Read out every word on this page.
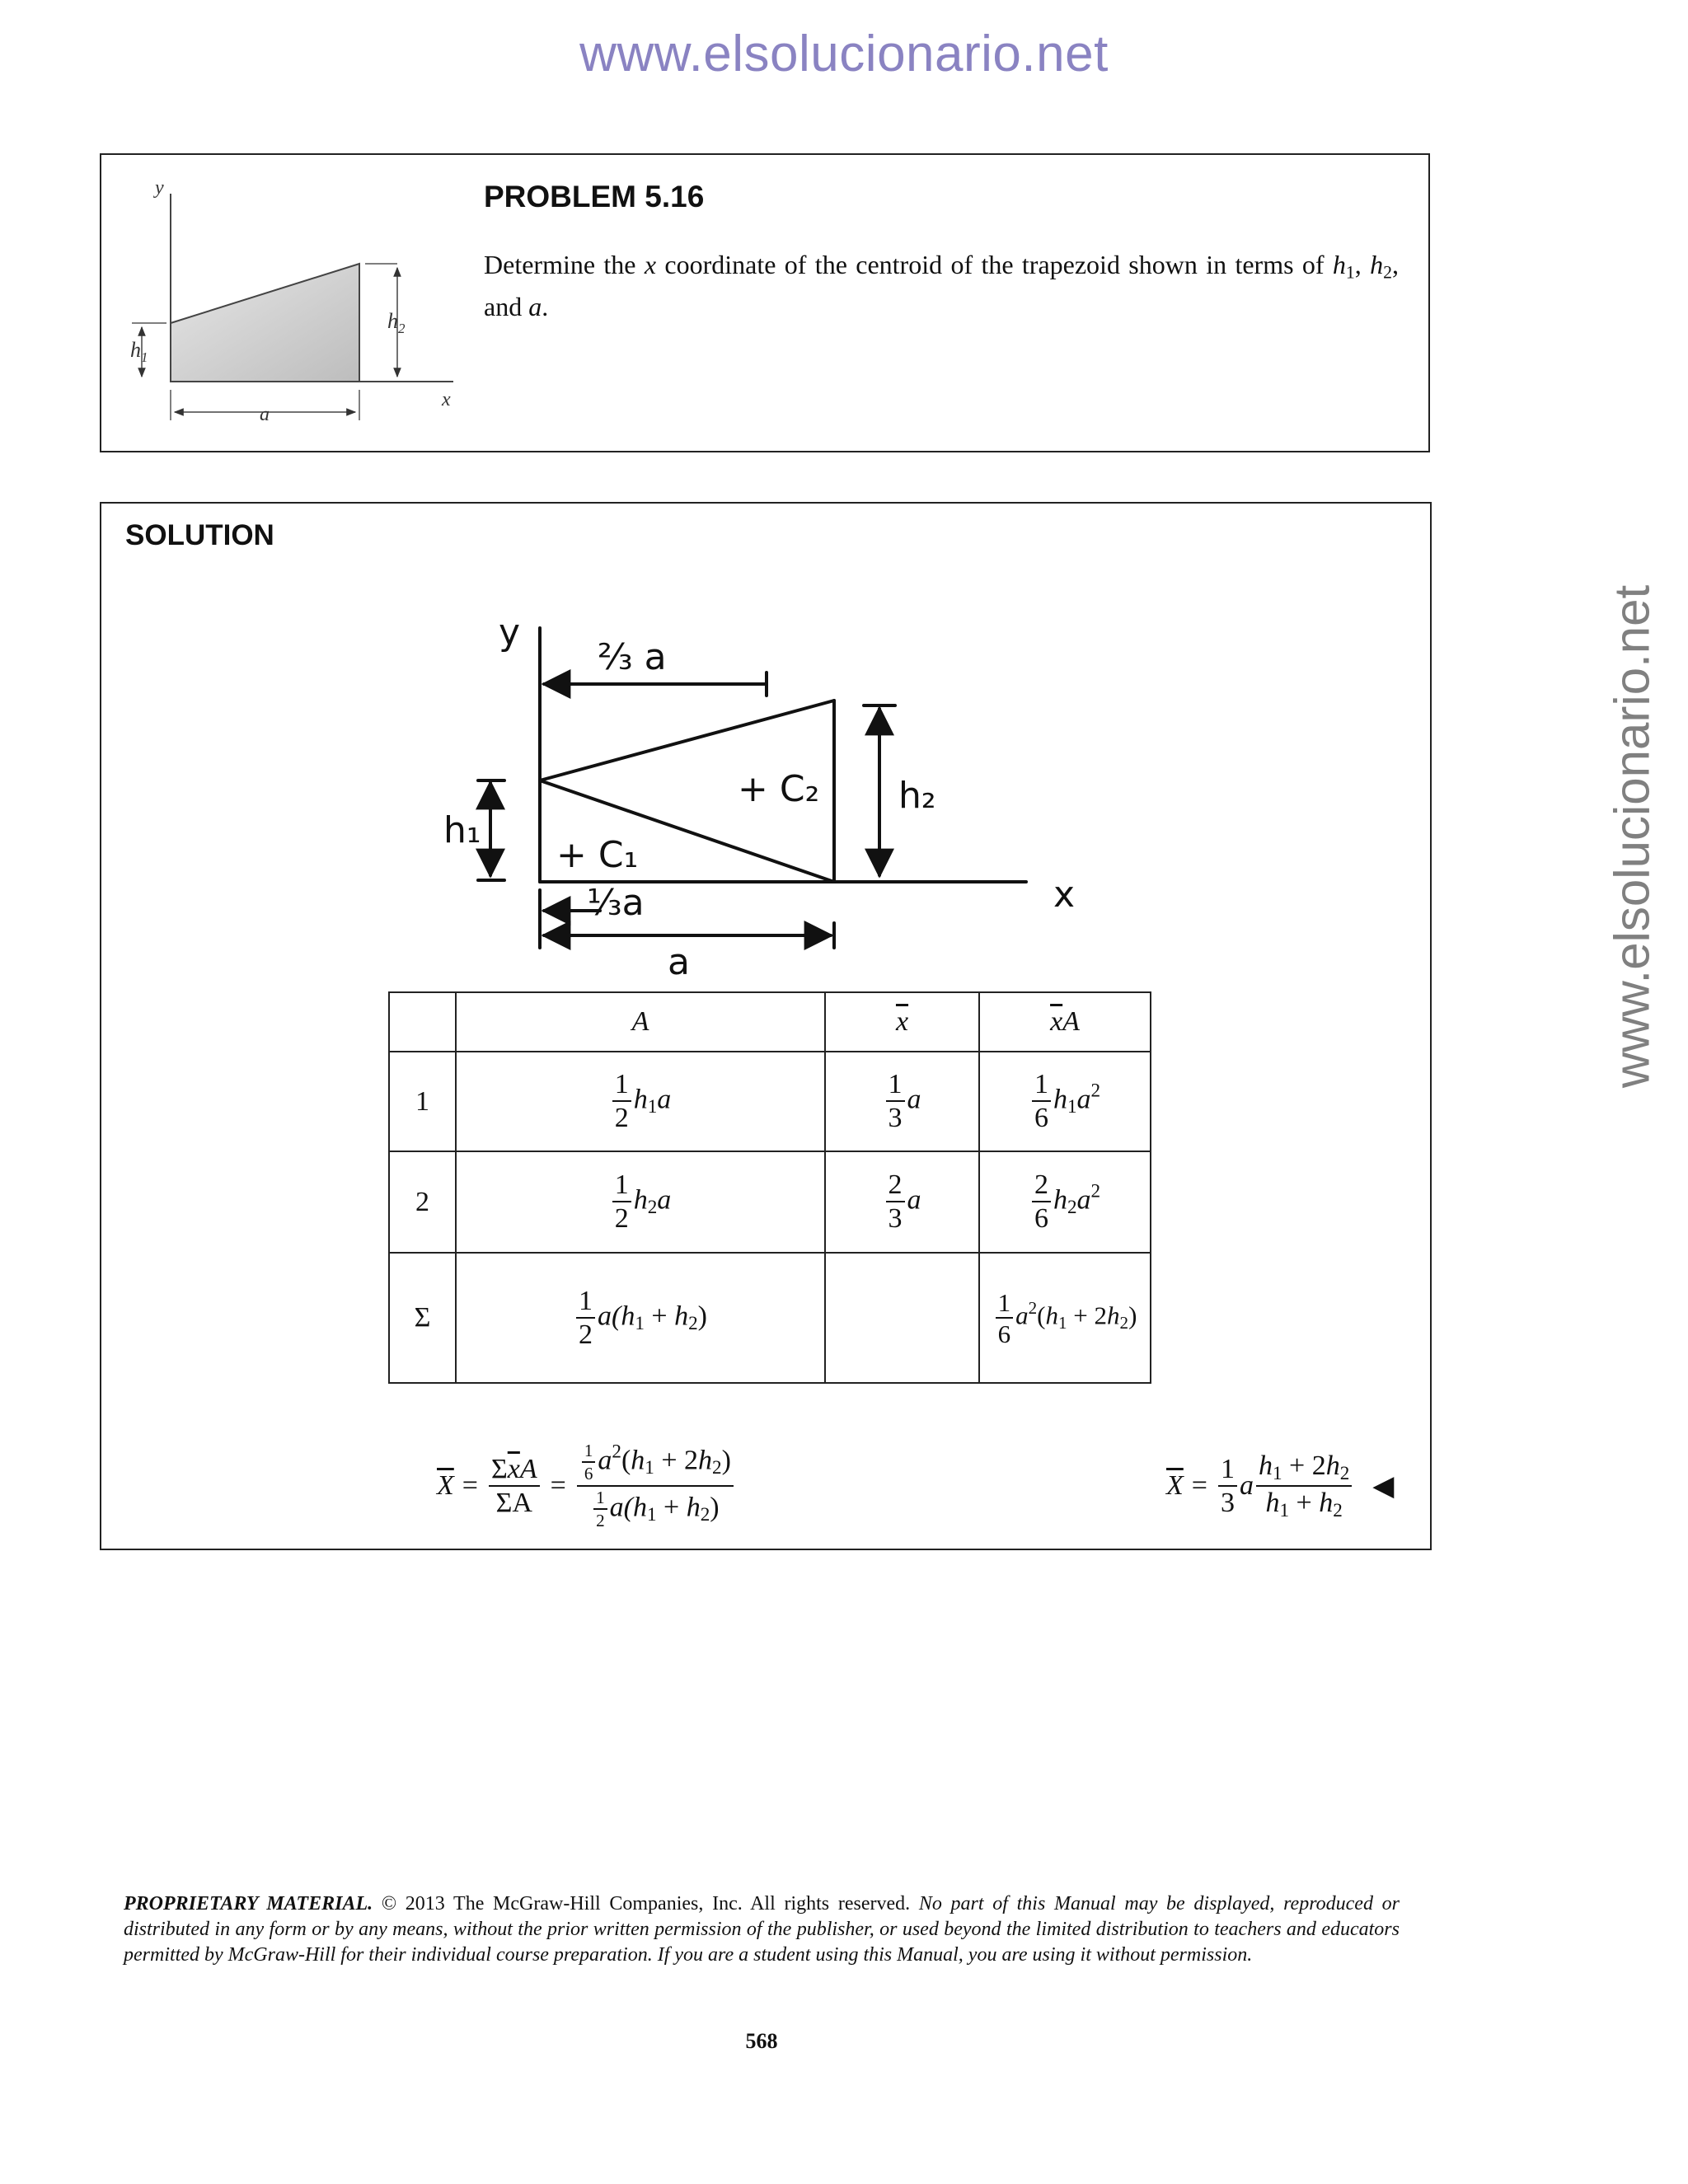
www.elsolucionario.net
www.elsolucionario.net
y
x
$h_1$
$h_2$
a
PROBLEM 5.16
Determine the x coordinate of the centroid of the trapezoid shown in terms of $h_1$, $h_2$, and a.
SOLUTION
y
²⁄₃ a
h₂
h₁
+ C₂
+ C₁
x
¹⁄₃a
a
	A	$\overline{x}$	$\overline{x}A$
1	$\frac{1}{2} h_1a$	$\frac{1}{3}$ a	$\frac{1}{6} h_1a^2$
2	$\frac{1}{2} h_2a$	$\frac{2}{3}$ a	$\frac{2}{6} h_2a^2$
Σ	$\frac{1}{2} a(h_1 + h_2)$		$\frac{1}{6} a^2(h_1 + 2h_2)$
$\overline{X} = \frac{\Sigma\overline{x}A}{\Sigma A} = \frac{\frac{1}{6} a^2(h_1 + 2h_2)}{\frac{1}{2} a(h_1 + h_2)}$	$\overline{X} = \frac{1}{3}$ a $\frac{h_1 + 2h_2}{h_1 + h_2}$ ◀
PROPRIETARY MATERIAL. © 2013 The McGraw-Hill Companies, Inc. All rights reserved. No part of this Manual may be displayed, reproduced or distributed in any form or by any means, without the prior written permission of the publisher, or used beyond the limited distribution to teachers and educators permitted by McGraw-Hill for their individual course preparation. If you are a student using this Manual, you are using it without permission.
568
